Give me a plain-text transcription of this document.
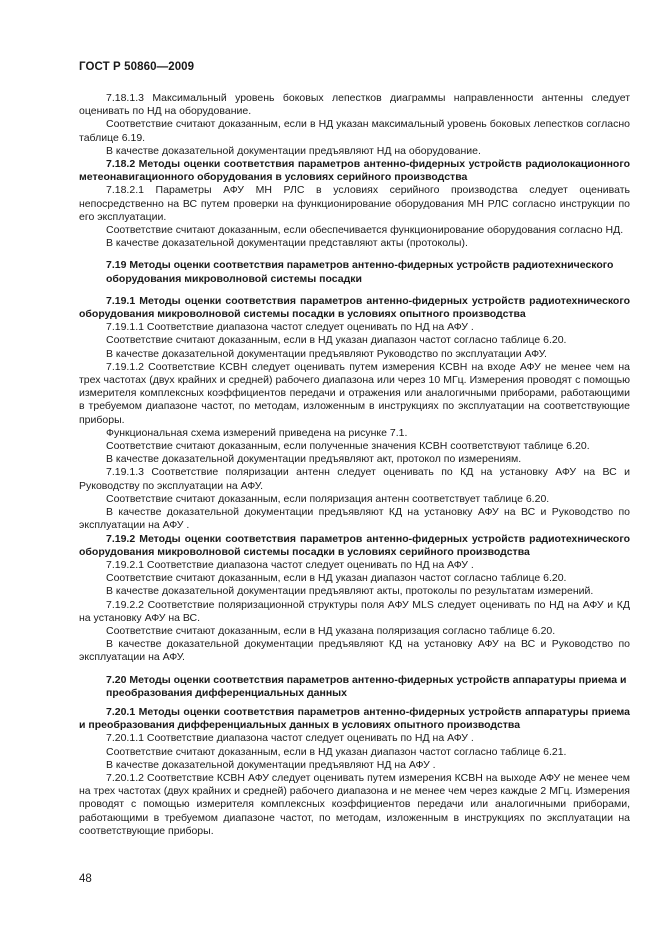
ГОСТ Р 50860—2009

7.18.1.3 Максимальный уровень боковых лепестков диаграммы направленности антенны следует оценивать по НД на оборудование.

Соответствие считают доказанным, если в НД указан максимальный уровень боковых лепестков согласно таблице 6.19.

В качестве доказательной документации предъявляют НД на оборудование.

7.18.2 Методы оценки соответствия параметров антенно-фидерных устройств радиолокационного метеонавигационного оборудования в условиях серийного производства

7.18.2.1 Параметры АФУ МН РЛС в условиях серийного производства следует оценивать непосредственно на ВС путем проверки на функционирование оборудования МН РЛС согласно инструкции по его эксплуатации.

Соответствие считают доказанным, если обеспечивается функционирование оборудования согласно НД.

В качестве доказательной документации представляют акты (протоколы).

7.19 Методы оценки соответствия параметров антенно-фидерных устройств радиотехнического оборудования микроволновой системы посадки

7.19.1 Методы оценки соответствия параметров антенно-фидерных устройств радиотехнического оборудования микроволновой системы посадки в условиях опытного производства

7.19.1.1 Соответствие диапазона частот следует оценивать по НД на АФУ .

Соответствие считают доказанным, если в НД указан диапазон частот согласно таблице 6.20.

В качестве доказательной документации предъявляют Руководство по эксплуатации АФУ.

7.19.1.2 Соответствие КСВН следует оценивать путем измерения КСВН на входе АФУ не менее чем на трех частотах (двух крайних и средней) рабочего диапазона или через 10 МГц. Измерения проводят с помощью измерителя комплексных коэффициентов передачи и отражения или аналогичными приборами, работающими в требуемом диапазоне частот, по методам, изложенным в инструкциях по эксплуатации на соответствующие приборы.

Функциональная схема измерений приведена на рисунке 7.1.

Соответствие считают доказанным, если полученные значения КСВН соответствуют таблице 6.20.

В качестве доказательной документации предъявляют акт, протокол по измерениям.

7.19.1.3 Соответствие поляризации антенн следует оценивать по КД на установку АФУ на ВС и Руководству по эксплуатации на АФУ.

Соответствие считают доказанным, если поляризация антенн соответствует таблице 6.20.

В качестве доказательной документации предъявляют КД на установку АФУ на ВС и Руководство по эксплуатации на АФУ .

7.19.2 Методы оценки соответствия параметров антенно-фидерных устройств радиотехнического оборудования микроволновой системы посадки в условиях серийного производства

7.19.2.1 Соответствие диапазона частот следует оценивать по НД на АФУ .

Соответствие считают доказанным, если в НД указан диапазон частот согласно таблице 6.20.

В качестве доказательной документации предъявляют акты, протоколы по результатам измерений.

7.19.2.2 Соответствие поляризационной структуры поля АФУ MLS следует оценивать по НД на АФУ и КД на установку АФУ на ВС.

Соответствие считают доказанным, если в НД указана поляризация согласно таблице 6.20.

В качестве доказательной документации предъявляют КД на установку АФУ на ВС и Руководство по эксплуатации на АФУ.

7.20 Методы оценки соответствия параметров антенно-фидерных устройств аппаратуры приема и преобразования дифференциальных данных

7.20.1 Методы оценки соответствия параметров антенно-фидерных устройств аппаратуры приема и преобразования дифференциальных данных в условиях опытного производства

7.20.1.1 Соответствие диапазона частот следует оценивать по НД на АФУ .

Соответствие считают доказанным, если в НД указан диапазон частот согласно таблице 6.21.

В качестве доказательной документации предъявляют НД на АФУ .

7.20.1.2 Соответствие КСВН АФУ следует оценивать путем измерения КСВН на выходе АФУ не менее чем на трех частотах (двух крайних и средней) рабочего диапазона и не менее чем через каждые 2 МГц. Измерения проводят с помощью измерителя комплексных коэффициентов передачи или аналогичными приборами, работающими в требуемом диапазоне частот, по методам, изложенным в инструкциях по эксплуатации на соответствующие приборы.

48
